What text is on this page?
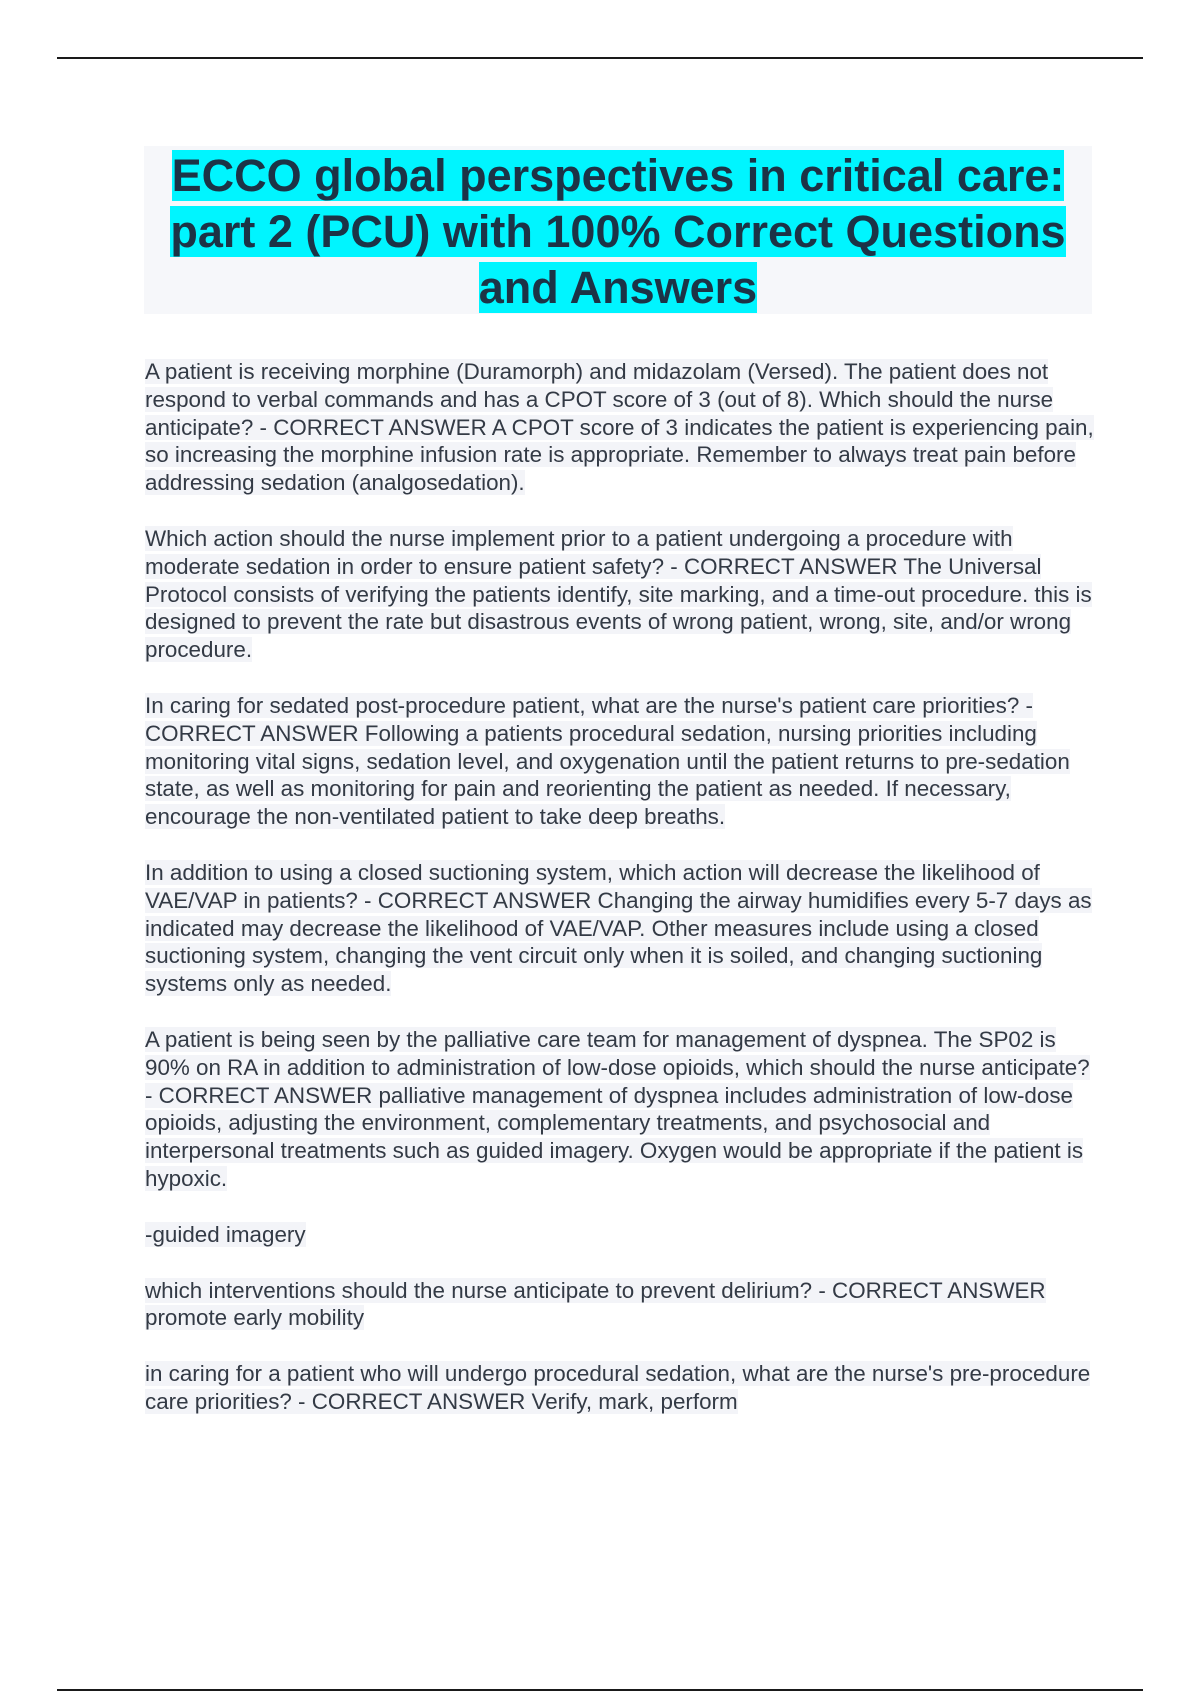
ECCO global perspectives in critical care: part 2 (PCU) with 100% Correct Questions and Answers

A patient is receiving morphine (Duramorph) and midazolam (Versed). The patient does not respond to verbal commands and has a CPOT score of 3 (out of 8). Which should the nurse anticipate? - CORRECT ANSWER A CPOT score of 3 indicates the patient is experiencing pain, so increasing the morphine infusion rate is appropriate. Remember to always treat pain before addressing sedation (analgosedation).

Which action should the nurse implement prior to a patient undergoing a procedure with moderate sedation in order to ensure patient safety? - CORRECT ANSWER The Universal Protocol consists of verifying the patients identify, site marking, and a time-out procedure. this is designed to prevent the rate but disastrous events of wrong patient, wrong, site, and/or wrong procedure.

In caring for sedated post-procedure patient, what are the nurse's patient care priorities? - CORRECT ANSWER Following a patients procedural sedation, nursing priorities including monitoring vital signs, sedation level, and oxygenation until the patient returns to pre-sedation state, as well as monitoring for pain and reorienting the patient as needed. If necessary, encourage the non-ventilated patient to take deep breaths.

In addition to using a closed suctioning system, which action will decrease the likelihood of VAE/VAP in patients? - CORRECT ANSWER Changing the airway humidifies every 5-7 days as indicated may decrease the likelihood of VAE/VAP. Other measures include using a closed suctioning system, changing the vent circuit only when it is soiled, and changing suctioning systems only as needed.

A patient is being seen by the palliative care team for management of dyspnea. The SP02 is 90% on RA in addition to administration of low-dose opioids, which should the nurse anticipate? - CORRECT ANSWER palliative management of dyspnea includes administration of low-dose opioids, adjusting the environment, complementary treatments, and psychosocial and interpersonal treatments such as guided imagery. Oxygen would be appropriate if the patient is hypoxic.

-guided imagery

which interventions should the nurse anticipate to prevent delirium? - CORRECT ANSWER promote early mobility

in caring for a patient who will undergo procedural sedation, what are the nurse's pre-procedure care priorities? - CORRECT ANSWER Verify, mark, perform
